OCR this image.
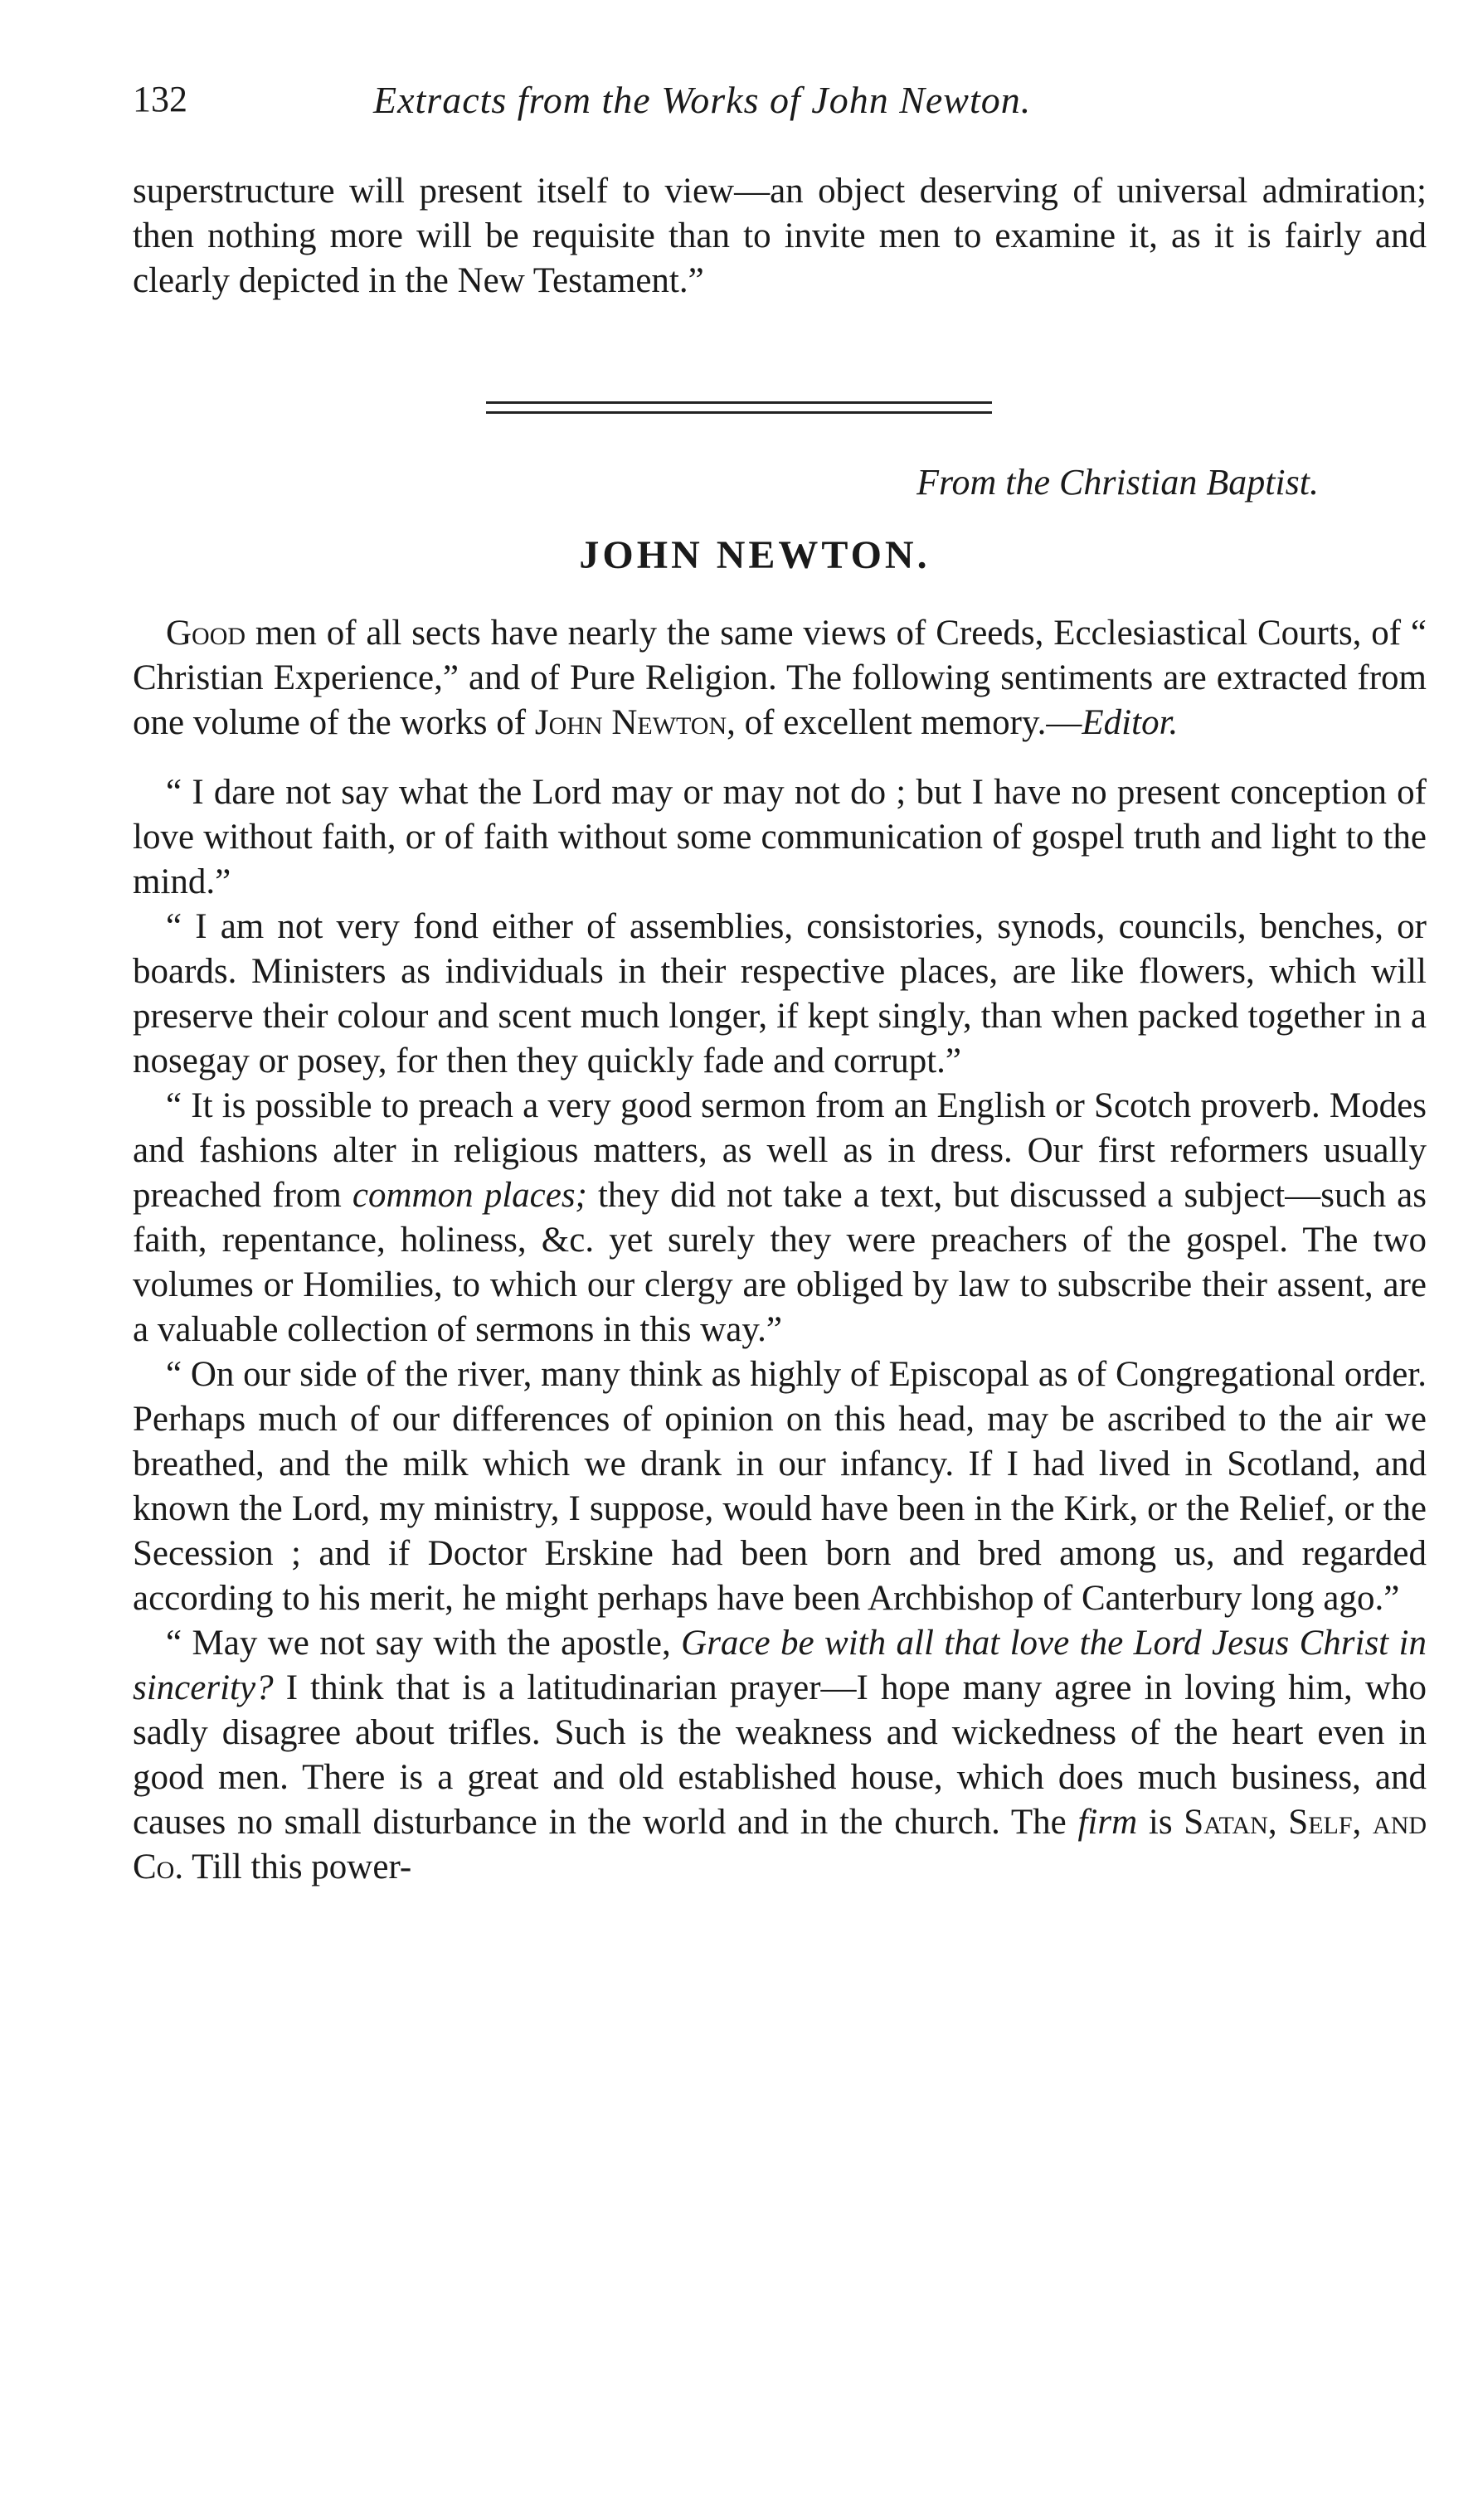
132	Extracts from the Works of John Newton.

superstructure will present itself to view—an object deserving of universal admiration; then nothing more will be requisite than to invite men to examine it, as it is fairly and clearly depicted in the New Testament.”

From the Christian Baptist.

JOHN NEWTON.

Good men of all sects have nearly the same views of Creeds, Ecclesiastical Courts, of “ Christian Experience,” and of Pure Religion. The following sentiments are extracted from one volume of the works of John Newton, of excellent memory.—Editor.

“ I dare not say what the Lord may or may not do ; but I have no present conception of love without faith, or of faith without some communication of gospel truth and light to the mind.”

“ I am not very fond either of assemblies, consistories, synods, councils, benches, or boards. Ministers as individuals in their respective places, are like flowers, which will preserve their colour and scent much longer, if kept singly, than when packed together in a nosegay or posey, for then they quickly fade and corrupt.”

“ It is possible to preach a very good sermon from an English or Scotch proverb. Modes and fashions alter in religious matters, as well as in dress. Our first reformers usually preached from common places; they did not take a text, but discussed a subject—such as faith, repentance, holiness, &c. yet surely they were preachers of the gospel. The two volumes or Homilies, to which our clergy are obliged by law to subscribe their assent, are a valuable collection of sermons in this way.”

“ On our side of the river, many think as highly of Episcopal as of Congregational order. Perhaps much of our differences of opinion on this head, may be ascribed to the air we breathed, and the milk which we drank in our infancy. If I had lived in Scotland, and known the Lord, my ministry, I suppose, would have been in the Kirk, or the Relief, or the Secession ; and if Doctor Erskine had been born and bred among us, and regarded according to his merit, he might perhaps have been Archbishop of Canterbury long ago.”

“ May we not say with the apostle, Grace be with all that love the Lord Jesus Christ in sincerity? I think that is a latitudinarian prayer—I hope many agree in loving him, who sadly disagree about trifles. Such is the weakness and wickedness of the heart even in good men. There is a great and old established house, which does much business, and causes no small disturbance in the world and in the church. The firm is Satan, Self, and Co. Till this power-
